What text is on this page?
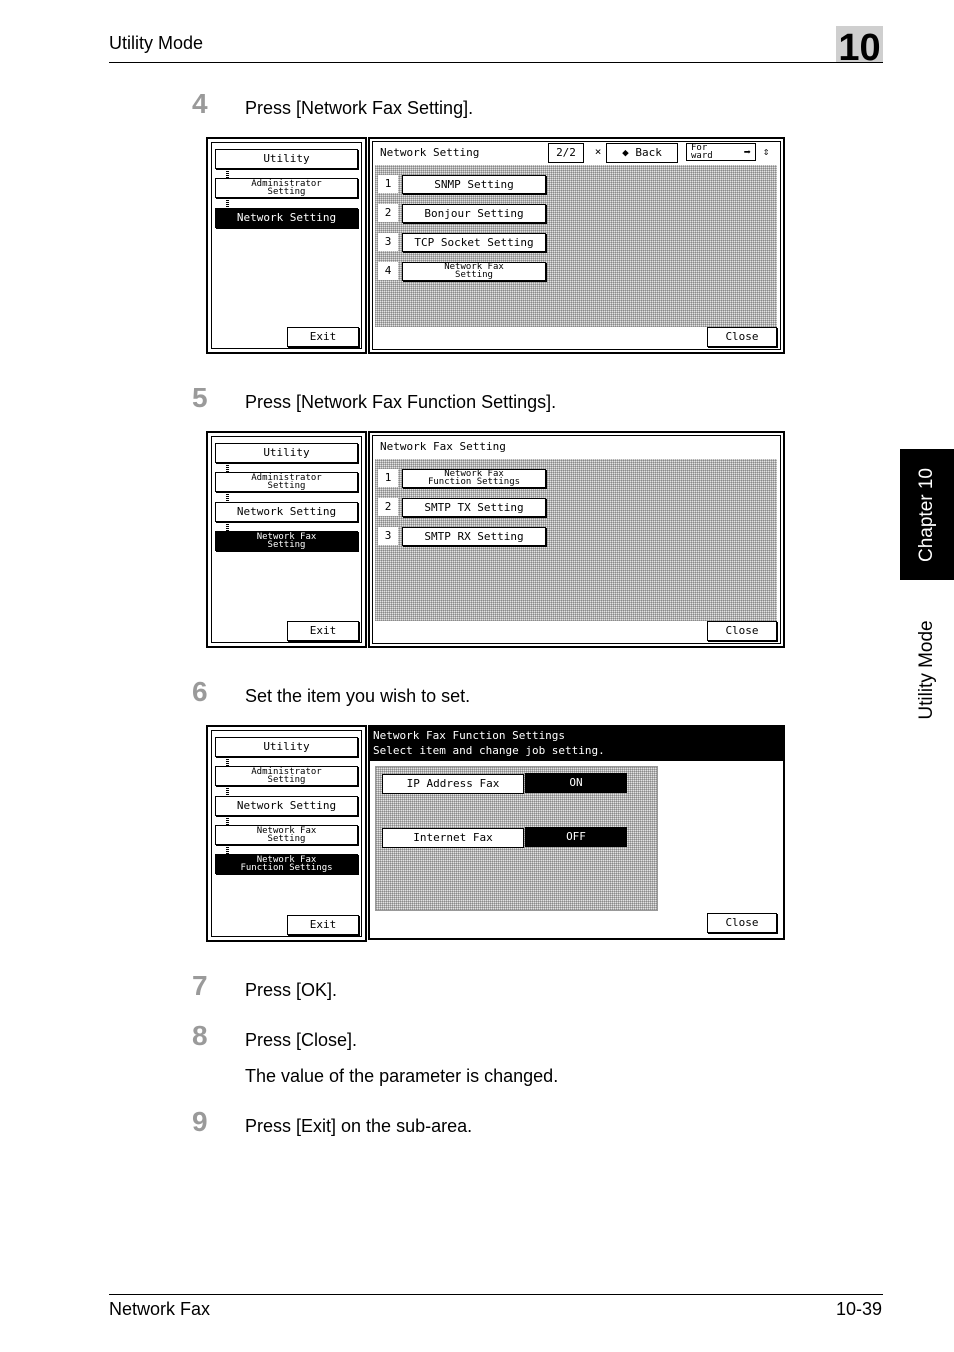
Utility Mode	10
Chapter 10
Utility Mode
4 Press [Network Fax Setting].
Utility
Administrator
Setting
Network Setting
Exit
Network Setting	2/2	×	◆ Back	For
ward	➡ ⇕
1	SNMP Setting
2	Bonjour Setting
3	TCP Socket Setting
4	Network Fax
Setting
Close
5 Press [Network Fax Function Settings].
Utility
Administrator
Setting
Network Setting
Network Fax
Setting
Exit
Network Fax Setting
1	Network Fax
Function Settings
2	SMTP TX Setting
3	SMTP RX Setting
Close
6 Set the item you wish to set.
Utility
Administrator
Setting
Network Setting
Network Fax
Setting
Network Fax
Function Settings
Exit
Network Fax Function Settings
Select item and change job setting.
IP Address Fax	ON
Internet Fax	OFF
Close
7 Press [OK].
8 Press [Close].
The value of the parameter is changed.
9 Press [Exit] on the sub-area.
Network Fax	10-39
